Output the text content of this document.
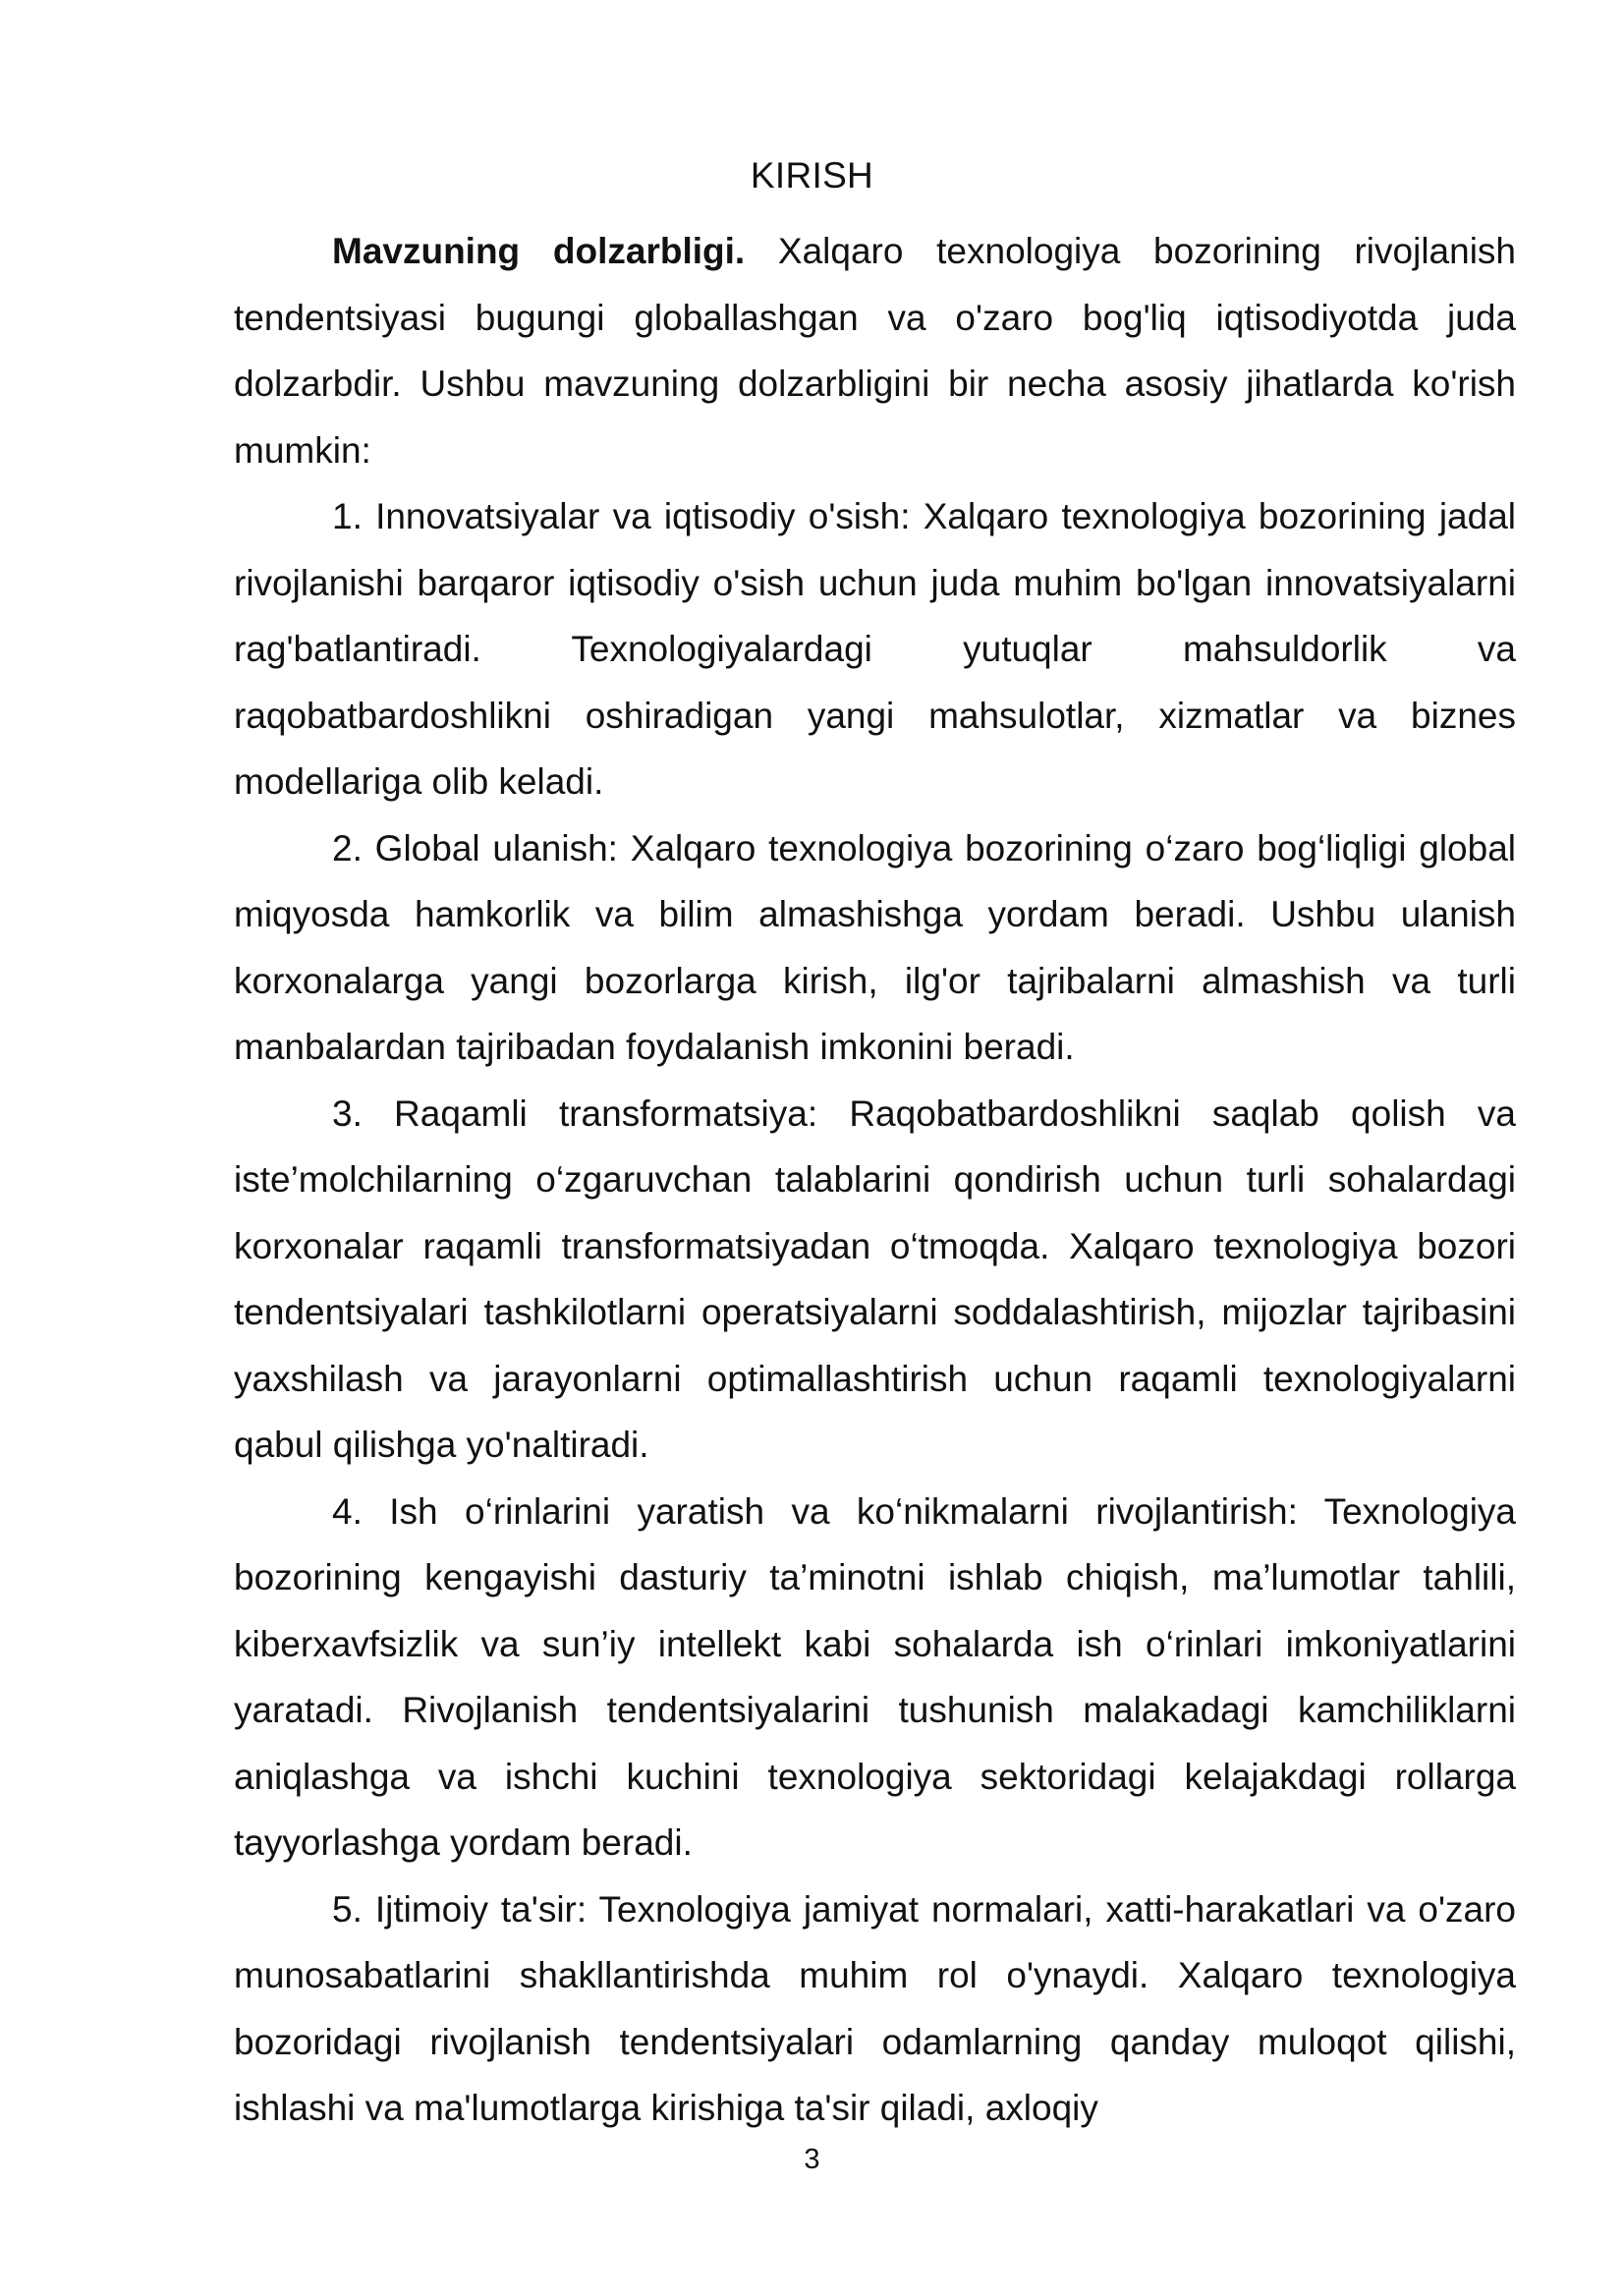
KIRISH

Mavzuning dolzarbligi. Xalqaro texnologiya bozorining rivojlanish tendentsiyasi bugungi globallashgan va o'zaro bog'liq iqtisodiyotda juda dolzarbdir. Ushbu mavzuning dolzarbligini bir necha asosiy jihatlarda ko'rish mumkin:

1. Innovatsiyalar va iqtisodiy o'sish: Xalqaro texnologiya bozorining jadal rivojlanishi barqaror iqtisodiy o'sish uchun juda muhim bo'lgan innovatsiyalarni rag'batlantiradi. Texnologiyalardagi yutuqlar mahsuldorlik va raqobatbardoshlikni oshiradigan yangi mahsulotlar, xizmatlar va biznes modellariga olib keladi.

2. Global ulanish: Xalqaro texnologiya bozorining o‘zaro bog‘liqligi global miqyosda hamkorlik va bilim almashishga yordam beradi. Ushbu ulanish korxonalarga yangi bozorlarga kirish, ilg'or tajribalarni almashish va turli manbalardan tajribadan foydalanish imkonini beradi.

3. Raqamli transformatsiya: Raqobatbardoshlikni saqlab qolish va iste’molchilarning o‘zgaruvchan talablarini qondirish uchun turli sohalardagi korxonalar raqamli transformatsiyadan o‘tmoqda. Xalqaro texnologiya bozori tendentsiyalari tashkilotlarni operatsiyalarni soddalashtirish, mijozlar tajribasini yaxshilash va jarayonlarni optimallashtirish uchun raqamli texnologiyalarni qabul qilishga yo'naltiradi.

4. Ish o‘rinlarini yaratish va ko‘nikmalarni rivojlantirish: Texnologiya bozorining kengayishi dasturiy ta’minotni ishlab chiqish, ma’lumotlar tahlili, kiberxavfsizlik va sun’iy intellekt kabi sohalarda ish o‘rinlari imkoniyatlarini yaratadi. Rivojlanish tendentsiyalarini tushunish malakadagi kamchiliklarni aniqlashga va ishchi kuchini texnologiya sektoridagi kelajakdagi rollarga tayyorlashga yordam beradi.

5. Ijtimoiy ta'sir: Texnologiya jamiyat normalari, xatti-harakatlari va o'zaro munosabatlarini shakllantirishda muhim rol o'ynaydi. Xalqaro texnologiya bozoridagi rivojlanish tendentsiyalari odamlarning qanday muloqot qilishi, ishlashi va ma'lumotlarga kirishiga ta'sir qiladi, axloqiy

3
